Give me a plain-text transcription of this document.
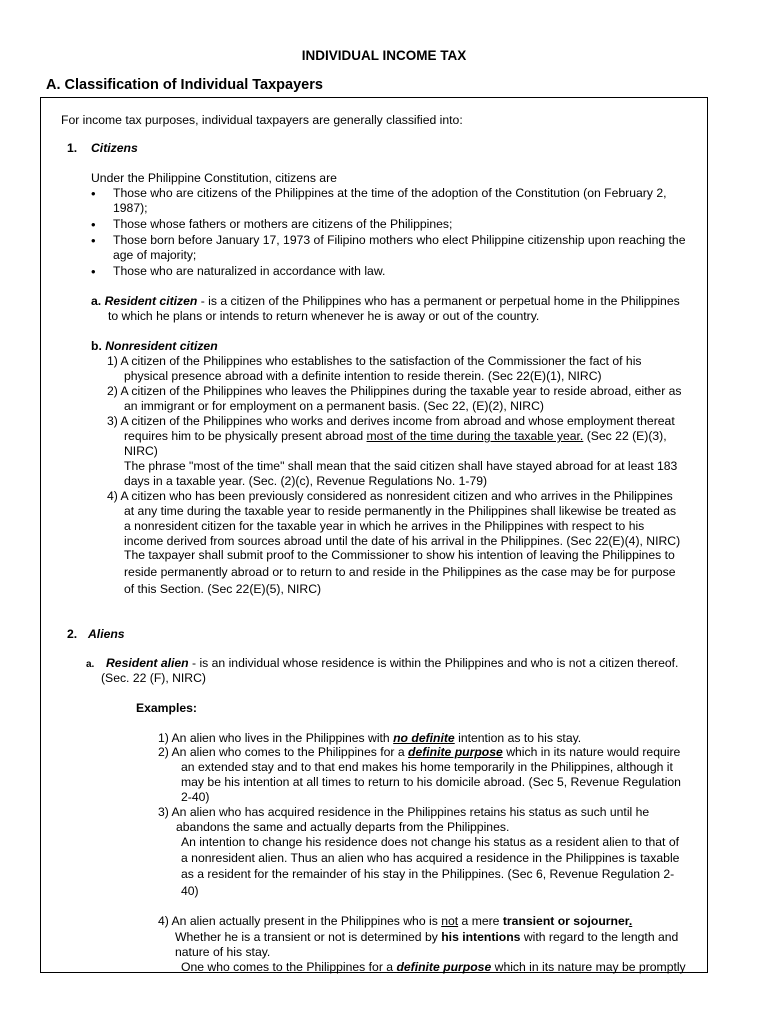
INDIVIDUAL INCOME TAX
A. Classification of Individual Taxpayers
For income tax purposes, individual taxpayers are generally classified into:
1. Citizens
Under the Philippine Constitution, citizens are
• Those who are citizens of the Philippines at the time of the adoption of the Constitution (on February 2,
1987);
• Those whose fathers or mothers are citizens of the Philippines;
• Those born before January 17, 1973 of Filipino mothers who elect Philippine citizenship upon reaching the
age of majority;
• Those who are naturalized in accordance with law.
a. Resident citizen - is a citizen of the Philippines who has a permanent or perpetual home in the Philippines
to which he plans or intends to return whenever he is away or out of the country.
b. Nonresident citizen
1) A citizen of the Philippines who establishes to the satisfaction of the Commissioner the fact of his
physical presence abroad with a definite intention to reside therein. (Sec 22(E)(1), NIRC)
2) A citizen of the Philippines who leaves the Philippines during the taxable year to reside abroad, either as
an immigrant or for employment on a permanent basis. (Sec 22, (E)(2), NIRC)
3) A citizen of the Philippines who works and derives income from abroad and whose employment thereat
requires him to be physically present abroad most of the time during the taxable year. (Sec 22 (E)(3),
NIRC)
The phrase "most of the time" shall mean that the said citizen shall have stayed abroad for at least 183
days in a taxable year. (Sec. (2)(c), Revenue Regulations No. 1-79)
4) A citizen who has been previously considered as nonresident citizen and who arrives in the Philippines
at any time during the taxable year to reside permanently in the Philippines shall likewise be treated as
a nonresident citizen for the taxable year in which he arrives in the Philippines with respect to his
income derived from sources abroad until the date of his arrival in the Philippines. (Sec 22(E)(4), NIRC)
The taxpayer shall submit proof to the Commissioner to show his intention of leaving the Philippines to
reside permanently abroad or to return to and reside in the Philippines as the case may be for purpose
of this Section. (Sec 22(E)(5), NIRC)
2. Aliens
a. Resident alien - is an individual whose residence is within the Philippines and who is not a citizen thereof.
(Sec. 22 (F), NIRC)
Examples:
1) An alien who lives in the Philippines with no definite intention as to his stay.
2) An alien who comes to the Philippines for a definite purpose which in its nature would require
an extended stay and to that end makes his home temporarily in the Philippines, although it
may be his intention at all times to return to his domicile abroad. (Sec 5, Revenue Regulation
2-40)
3) An alien who has acquired residence in the Philippines retains his status as such until he
abandons the same and actually departs from the Philippines.
An intention to change his residence does not change his status as a resident alien to that of
a nonresident alien. Thus an alien who has acquired a residence in the Philippines is taxable
as a resident for the remainder of his stay in the Philippines. (Sec 6, Revenue Regulation 2-
40)
4) An alien actually present in the Philippines who is not a mere transient or sojourner.
Whether he is a transient or not is determined by his intentions with regard to the length and
nature of his stay.
One who comes to the Philippines for a definite purpose which in its nature may be promptly
